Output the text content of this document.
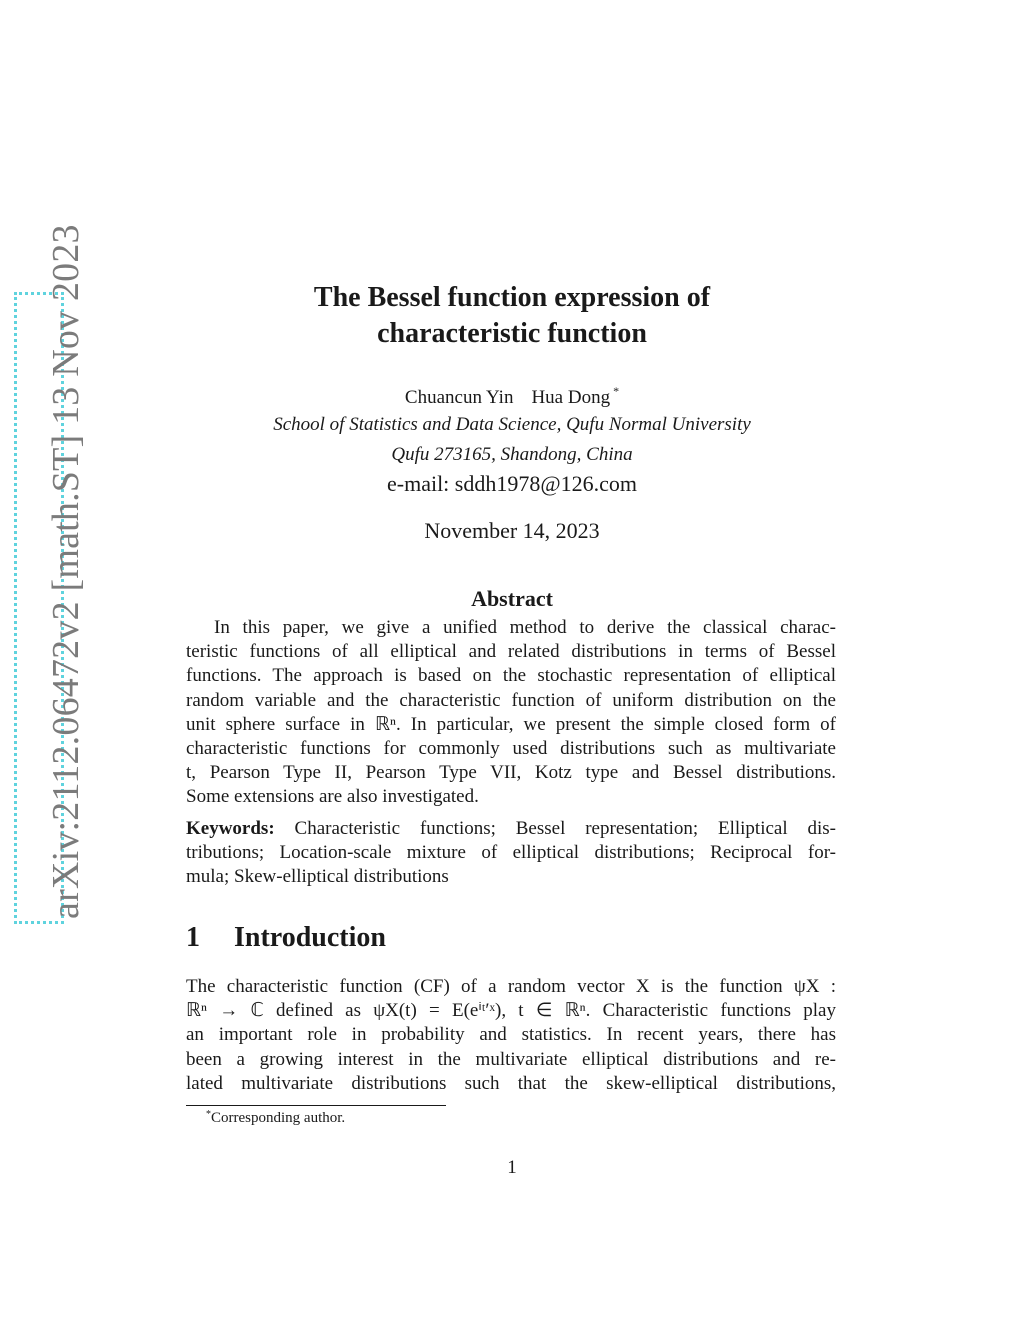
arXiv:2112.06472v2 [math.ST] 13 Nov 2023	The Bessel function expression of
characteristic function
Chuancun Yin Hua Dong *
School of Statistics and Data Science, Qufu Normal University
Qufu 273165, Shandong, China
e-mail: sddh1978@126.com
November 14, 2023
Abstract
In this paper, we give a unified method to derive the classical charac-
teristic functions of all elliptical and related distributions in terms of Bessel
functions. The approach is based on the stochastic representation of elliptical
random variable and the characteristic function of uniform distribution on the
unit sphere surface in ℝⁿ. In particular, we present the simple closed form of
characteristic functions for commonly used distributions such as multivariate
t, Pearson Type II, Pearson Type VII, Kotz type and Bessel distributions.
Some extensions are also investigated.
Keywords: Characteristic functions; Bessel representation; Elliptical dis-
tributions; Location-scale mixture of elliptical distributions; Reciprocal for-
mula; Skew-elliptical distributions
1 Introduction
The characteristic function (CF) of a random vector X is the function ψX :
ℝⁿ → ℂ defined as ψX(t) = E(eⁱᵗ′ˣ), t ∈ ℝⁿ. Characteristic functions play
an important role in probability and statistics. In recent years, there has
been a growing interest in the multivariate elliptical distributions and re-
lated multivariate distributions such that the skew-elliptical distributions,
*Corresponding author.
1
